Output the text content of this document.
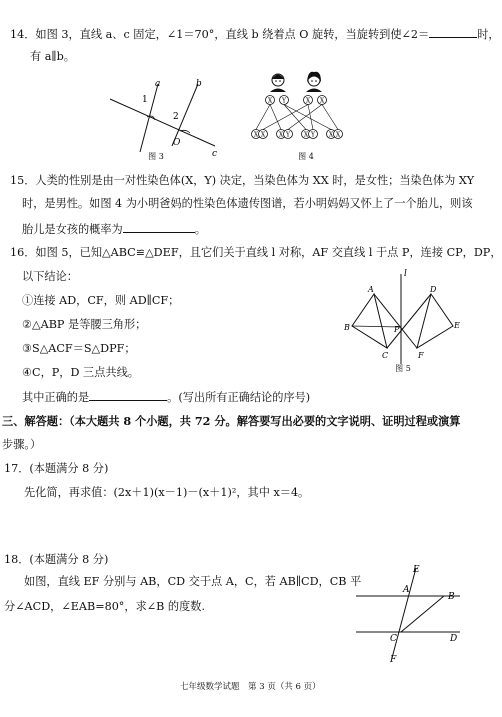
14．如图 3，直线 a、c 固定，∠1＝70°，直线 b 绕着点 O 旋转，当旋转到使∠2＝	时，
有 a∥b。
a	b
c
O
1
2
图 3
X Y	X X
X X X Y X Y X X
图 4
15．人类的性别是由一对性染色体(X，Y) 决定，当染色体为 XX 时，是女性；当染色体为 XY
时，是男性。如图 4 为小明爸妈的性染色体遗传图谱，若小明妈妈又怀上了一个胎儿，则该
胎儿是女孩的概率为	。
16．如图 5，已知△ABC≌△DEF，且它们关于直线 l 对称，AF 交直线 l 于点 P，连接 CP，DP，
以下结论：
①连接 AD，CF，则 AD∥CF；
②△ABP 是等腰三角形；
③S△ACF＝S△DPF；
④C，P，D 三点共线。
其中正确的是	。(写出所有正确结论的序号)
l
A
B
C
D
E
F
P
图 5
三、解答题：（本大题共 8 个小题，共 72 分。解答要写出必要的文字说明、证明过程或演算
步骤。）
17．(本题满分 8 分)
先化简，再求值：(2x＋1)(x－1)－(x＋1)²，其中 x＝4。
18．(本题满分 8 分)
如图，直线 EF 分别与 AB，CD 交于点 A，C，若 AB∥CD，CB 平
分∠ACD，∠EAB=80°，求∠B 的度数.
E
A
B
C	D
F
七年级数学试题　第 3 页（共 6 页）
